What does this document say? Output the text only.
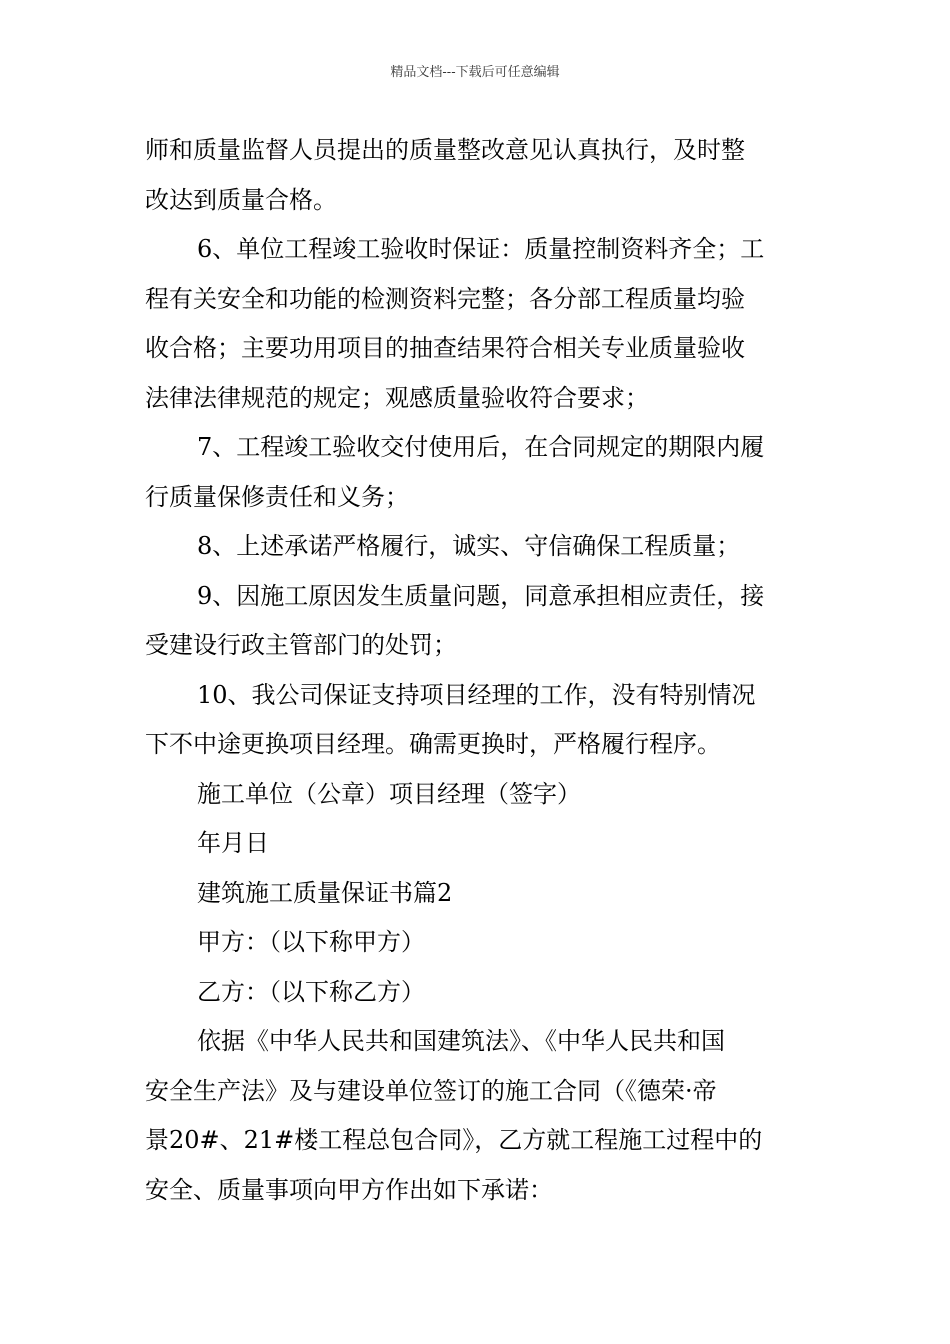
精品文档---下载后可任意编辑

师和质量监督人员提出的质量整改意见认真执行，及时整
改达到质量合格。

6、单位工程竣工验收时保证：质量控制资料齐全；工
程有关安全和功能的检测资料完整；各分部工程质量均验
收合格；主要功用项目的抽查结果符合相关专业质量验收
法律法律规范的规定；观感质量验收符合要求；

7、工程竣工验收交付使用后，在合同规定的期限内履
行质量保修责任和义务；

8、上述承诺严格履行，诚实、守信确保工程质量；

9、因施工原因发生质量问题，同意承担相应责任，接
受建设行政主管部门的处罚；

10、我公司保证支持项目经理的工作，没有特别情况
下不中途更换项目经理。确需更换时，严格履行程序。

施工单位（公章）项目经理（签字）

年月日

建筑施工质量保证书篇2

甲方：（以下称甲方）

乙方：（以下称乙方）

依据《中华人民共和国建筑法》、《中华人民共和国
安全生产法》及与建设单位签订的施工合同（《德荣·帝
景20#、21#楼工程总包合同》，乙方就工程施工过程中的
安全、质量事项向甲方作出如下承诺：
